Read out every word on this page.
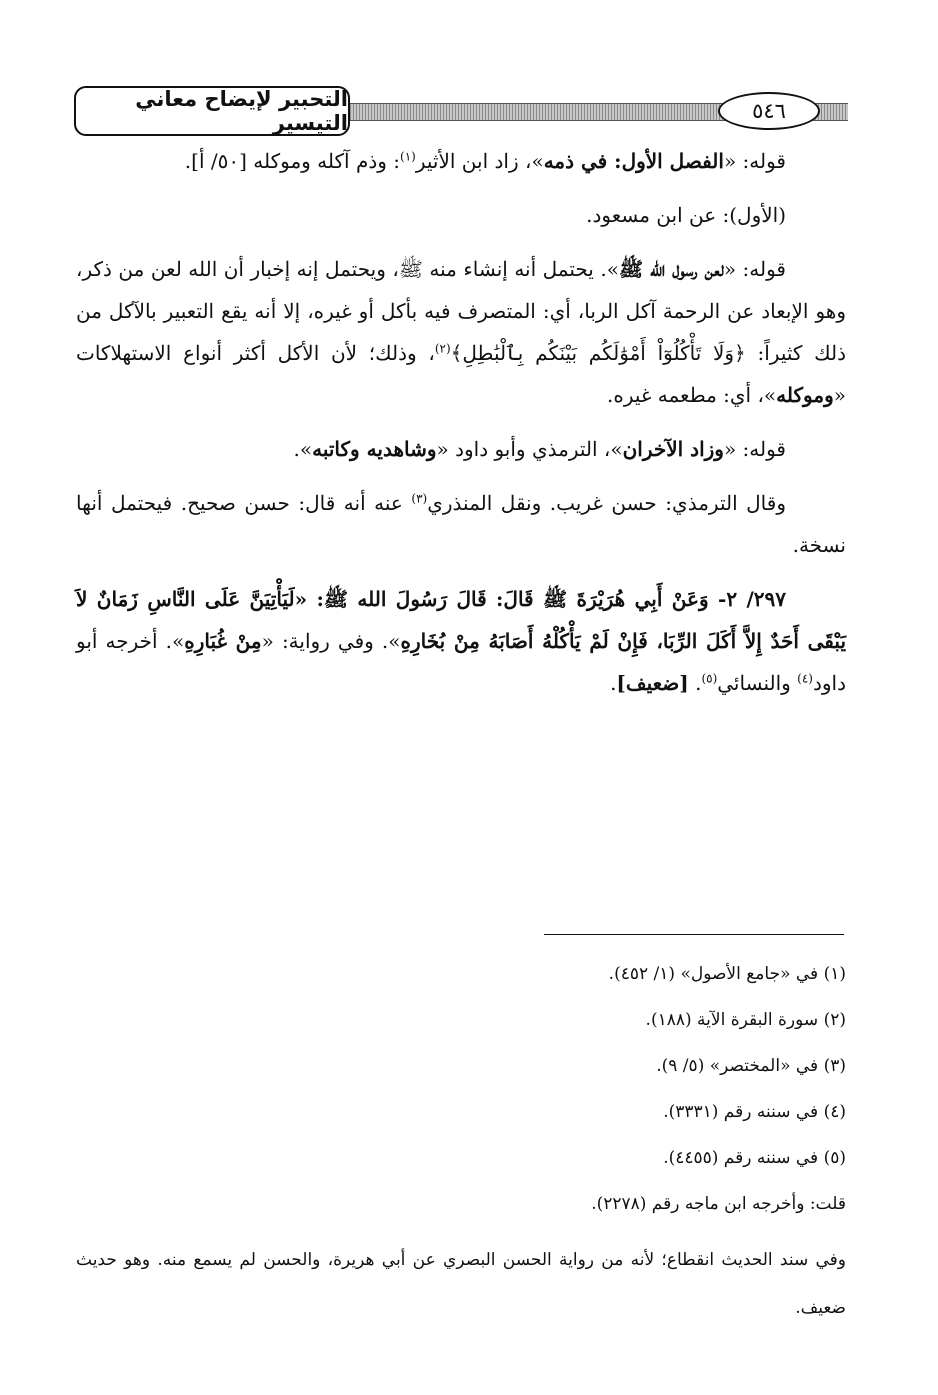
التحبير لإيضاح معاني التيسير	٥٤٦

قوله: «الفصل الأول: في ذمه»، زاد ابن الأثير$^{(١)}$: وذم آكله وموكله [٥٠/ أ].

(الأول): عن ابن مسعود.

قوله: «لعن رسول الله ﷺ». يحتمل أنه إنشاء منه ﷺ، ويحتمل إنه إخبار أن الله لعن من ذكر، وهو الإبعاد عن الرحمة آكل الربا، أي: المتصرف فيه بأكل أو غيره، إلا أنه يقع التعبير بالآكل من ذلك كثيراً: ﴿وَلَا تَأْكُلُوٓاْ أَمْوَٰلَكُم بَيْنَكُم بِٱلْبَٰطِلِ﴾$^{(٢)}$، وذلك؛ لأن الأكل أكثر أنواع الاستهلاكات «وموكله»، أي: مطعمه غيره.

قوله: «وزاد الآخران»، الترمذي وأبو داود «وشاهديه وكاتبه».

وقال الترمذي: حسن غريب. ونقل المنذري$^{(٣)}$ عنه أنه قال: حسن صحيح. فيحتمل أنها نسخة.

٢٩٧/ ٢- وَعَنْ أَبِي هُرَيْرَةَ ﷺ قَالَ: قَالَ رَسُولَ الله ﷺ: «لَيَأْتِيَنَّ عَلَى النَّاسِ زَمَانٌ لاَ يَبْقَى أَحَدٌ إِلاَّ أَكَلَ الرِّبَا، فَإِنْ لَمْ يَأْكُلْهُ أَصَابَهُ مِنْ بُخَارِهِ». وفي رواية: «مِنْ غُبَارِهِ». أخرجه أبو داود$^{(٤)}$ والنسائي$^{(٥)}$. [ضعيف].

(١) في «جامع الأصول» (١/ ٤٥٢).
(٢) سورة البقرة الآية (١٨٨).
(٣) في «المختصر» (٥/ ٩).
(٤) في سننه رقم (٣٣٣١).
(٥) في سننه رقم (٤٤٥٥).
قلت: وأخرجه ابن ماجه رقم (٢٢٧٨).
وفي سند الحديث انقطاع؛ لأنه من رواية الحسن البصري عن أبي هريرة، والحسن لم يسمع منه. وهو حديث ضعيف.
